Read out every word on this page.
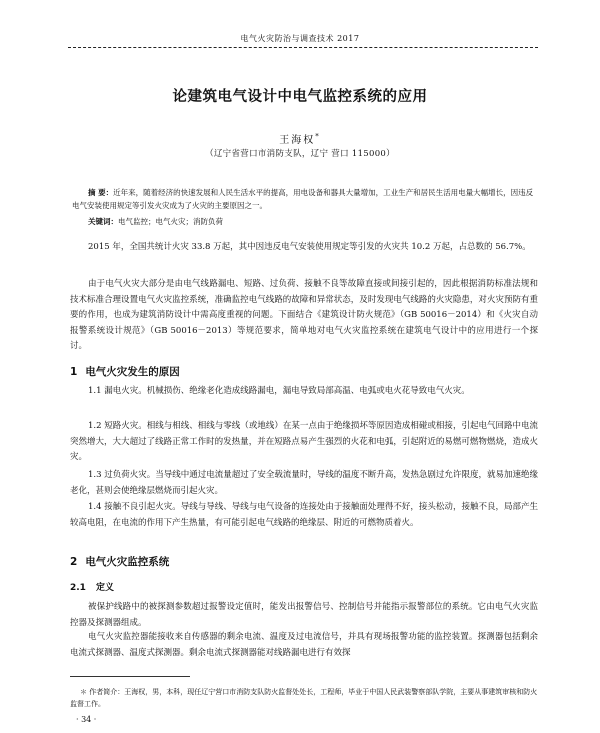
电气火灾防治与调查技术 2017
论建筑电气设计中电气监控系统的应用
王海权*
（辽宁省营口市消防支队，辽宁 营口 115000）
摘 要：近年来，随着经济的快速发展和人民生活水平的提高，用电设备和器具大量增加，工业生产和居民生活用电量大幅增长，因违反电气安装使用规定等引发火灾成为了火灾的主要原因之一。
关键词：电气监控；电气火灾；消防负荷

2015 年，全国共统计火灾 33.8 万起，其中因违反电气安装使用规定等引发的火灾共 10.2 万起，占总数的 56.7%。

由于电气火灾大部分是由电气线路漏电、短路、过负荷、接触不良等故障直接或间接引起的，因此根据消防标准法规和技术标准合理设置电气火灾监控系统，准确监控电气线路的故障和异常状态，及时发现电气线路的火灾隐患，对火灾预防有重要的作用，也成为建筑消防设计中需高度重视的问题。下面结合《建筑设计防火规范》（GB 50016－2014）和《火灾自动报警系统设计规范》（GB 50016－2013）等规范要求，简单地对电气火灾监控系统在建筑电气设计中的应用进行一个探讨。

1 电气火灾发生的原因

1.1 漏电火灾。机械损伤、绝缘老化造成线路漏电，漏电导致局部高温、电弧或电火花导致电气火灾。

1.2 短路火灾。相线与相线、相线与零线（或地线）在某一点由于绝缘损坏等原因造成相碰或相接，引起电气回路中电流突然增大，大大超过了线路正常工作时的发热量，并在短路点易产生强烈的火花和电弧，引起附近的易燃可燃物燃烧，造成火灾。

1.3 过负荷火灾。当导线中通过电流量超过了安全载流量时，导线的温度不断升高，发热急剧过允许限度，就易加速绝缘老化，甚则会使绝缘层燃烧而引起火灾。

1.4 接触不良引起火灾。导线与导线、导线与电气设备的连接处由于接触面处理得不好，接头松动，接触不良，局部产生较高电阻，在电流的作用下产生热量，有可能引起电气线路的绝缘层、附近的可燃物质着火。

2 电气火灾监控系统
2.1 定义

被保护线路中的被探测参数超过报警设定值时，能发出报警信号、控制信号并能指示报警部位的系统。它由电气火灾监控器及探测器组成。

电气火灾监控器能接收来自传感器的剩余电流、温度及过电流信号，并具有现场报警功能的监控装置。探测器包括剩余电流式探测器、温度式探测器。剩余电流式探测器能对线路漏电进行有效探

＊ 作者简介：王海权，男，本科，现任辽宁营口市消防支队防火监督处处长，工程师，毕业于中国人民武装警察部队学院，主要从事建筑审核和防火监督工作。

· 34 ·
